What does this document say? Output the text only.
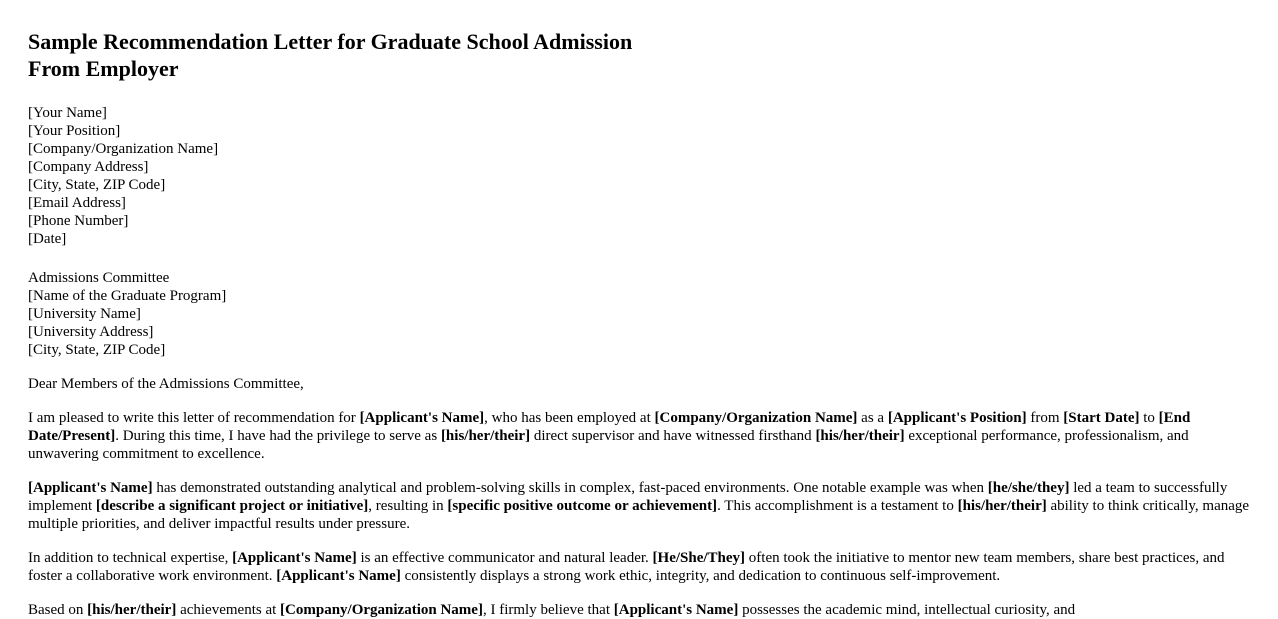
Sample Recommendation Letter for Graduate School Admission
From Employer
[Your Name]
[Your Position]
[Company/Organization Name]
[Company Address]
[City, State, ZIP Code]
[Email Address]
[Phone Number]
[Date]
Admissions Committee
[Name of the Graduate Program]
[University Name]
[University Address]
[City, State, ZIP Code]

Dear Members of the Admissions Committee,

I am pleased to write this letter of recommendation for [Applicant's Name], who has been employed at [Company/Organization Name] as a [Applicant's Position] from [Start Date] to [End Date/Present]. During this time, I have had the privilege to serve as [his/her/their] direct supervisor and have witnessed firsthand [his/her/their] exceptional performance, professionalism, and unwavering commitment to excellence.

[Applicant's Name] has demonstrated outstanding analytical and problem-solving skills in complex, fast-paced environments. One notable example was when [he/she/they] led a team to successfully implement [describe a significant project or initiative], resulting in [specific positive outcome or achievement]. This accomplishment is a testament to [his/her/their] ability to think critically, manage multiple priorities, and deliver impactful results under pressure.

In addition to technical expertise, [Applicant's Name] is an effective communicator and natural leader. [He/She/They] often took the initiative to mentor new team members, share best practices, and foster a collaborative work environment. [Applicant's Name] consistently displays a strong work ethic, integrity, and dedication to continuous self-improvement.

Based on [his/her/their] achievements at [Company/Organization Name], I firmly believe that [Applicant's Name] possesses the academic mind, intellectual curiosity, and
